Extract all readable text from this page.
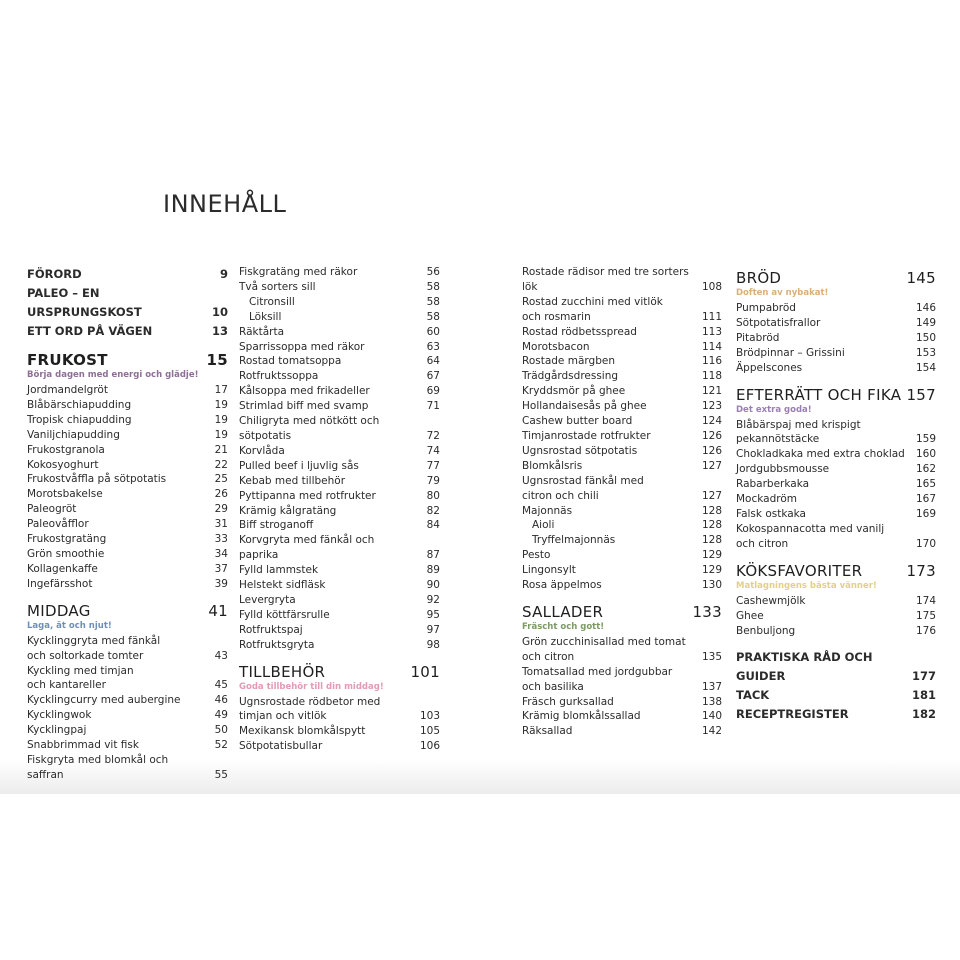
INNEHÅLL
FÖRORD	9
PALEO – EN URSPRUNGSKOST	10
ETT ORD PÅ VÄGEN	13
FRUKOST	15
Börja dagen med energi och glädje!
Jordmandelgröt	17
Blåbärschiapudding	19
Tropisk chiapudding	19
Vaniljchiapudding	19
Frukostgranola	21
Kokosyoghurt	22
Frukostvåffla på sötpotatis	25
Morotsbakelse	26
Paleogröt	29
Paleovåfflor	31
Frukostgratäng	33
Grön smoothie	34
Kollagenkaffe	37
Ingefärsshot	39
MIDDAG	41
Laga, ät och njut!
Kycklinggryta med fänkål
och soltorkade tomter	43
Kyckling med timjan
och kantareller	45
Kycklingcurry med aubergine	46
Kycklingwok	49
Kycklingpaj	50
Snabbrimmad vit fisk	52
Fiskgryta med blomkål och saffran	55
Fiskgratäng med räkor	56
Två sorters sill	58
Citronsill	58
Löksill	58
Räktårta	60
Sparrissoppa med räkor	63
Rostad tomatsoppa	64
Rotfruktssoppa	67
Kålsoppa med frikadeller	69
Strimlad biff med svamp	71
Chiligryta med nötkött och
sötpotatis	72
Korvlåda	74
Pulled beef i ljuvlig sås	77
Kebab med tillbehör	79
Pyttipanna med rotfrukter	80
Krämig kålgratäng	82
Biff stroganoff	84
Korvgryta med fänkål och paprika	87
Fylld lammstek	89
Helstekt sidfläsk	90
Levergryta	92
Fylld köttfärsrulle	95
Rotfruktspaj	97
Rotfruktsgryta	98
TILLBEHÖR	101
Goda tillbehör till din middag!
Ugnsrostade rödbetor med
timjan och vitlök	103
Mexikansk blomkålspytt	105
Sötpotatisbullar	106
Rostade rädisor med tre sorters lök	108
Rostad zucchini med vitlök
och rosmarin	111
Rostad rödbetsspread	113
Morotsbacon	114
Rostade märgben	116
Trädgårdsdressing	118
Kryddsmör på ghee	121
Hollandaisesås på ghee	123
Cashew butter board	124
Timjanrostade rotfrukter	126
Ugnsrostad sötpotatis	126
Blomkålsris	127
Ugnsrostad fänkål med
citron och chili	127
Majonnäs	128
Aioli	128
Tryffelmajonnäs	128
Pesto	129
Lingonsylt	129
Rosa äppelmos	130
SALLADER	133
Fräscht och gott!
Grön zucchinisallad med tomat
och citron	135
Tomatsallad med jordgubbar
och basilika	137
Fräsch gurksallad	138
Krämig blomkålssallad	140
Räksallad	142
BRÖD	145
Doften av nybakat!
Pumpabröd	146
Sötpotatisfrallor	149
Pitabröd	150
Brödpinnar – Grissini	153
Äppelscones	154
EFTERRÄTT OCH FIKA 157
Det extra goda!
Blåbärspaj med krispigt
pekannötstäcke	159
Chokladkaka med extra choklad	160
Jordgubbsmousse	162
Rabarberkaka	165
Mockadröm	167
Falsk ostkaka	169
Kokospannacotta med vanilj
och citron	170
KÖKSFAVORITER	173
Matlagningens bästa vänner!
Cashewmjölk	174
Ghee	175
Benbuljong	176
PRAKTISKA RÅD OCH GUIDER	177
TACK	181
RECEPTREGISTER	182
